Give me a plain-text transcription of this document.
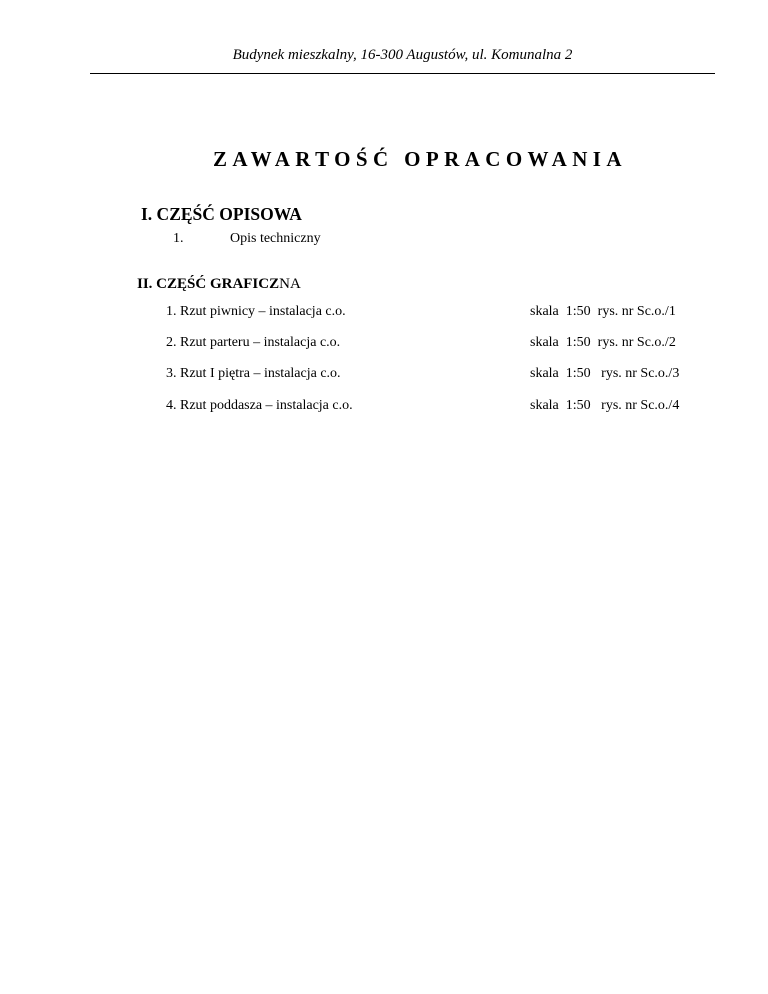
Budynek mieszkalny, 16-300 Augustów, ul. Komunalna 2
ZAWARTOŚĆ OPRACOWANIA
I. CZĘŚĆ OPISOWA
1.	Opis techniczny
II. CZĘŚĆ GRAFICZNA
1. Rzut piwnicy – instalacja c.o.	skala  1:50  rys. nr Sc.o./1
2. Rzut parteru – instalacja c.o.	skala  1:50  rys. nr Sc.o./2
3. Rzut I piętra – instalacja c.o.	skala  1:50   rys. nr Sc.o./3
4. Rzut poddasza – instalacja c.o.	skala  1:50   rys. nr Sc.o./4
